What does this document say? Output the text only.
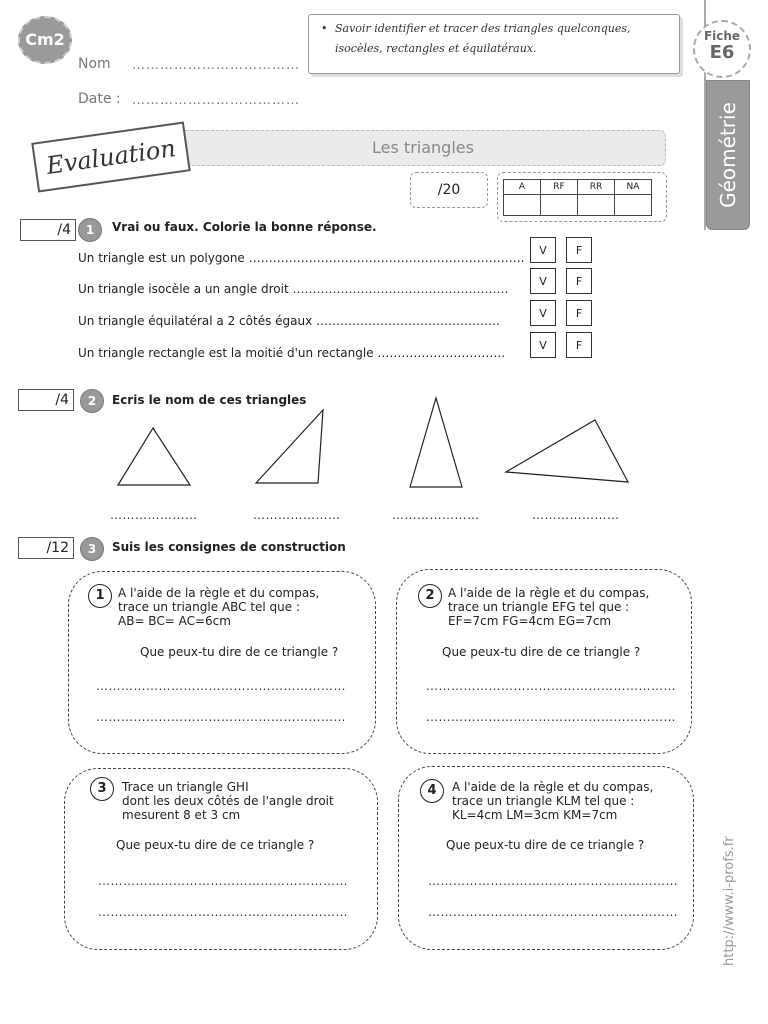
Cm2
Nom ………………………………
Date : ………………………………
• Savoir identifier et tracer des triangles quelconques, isocèles, rectangles et équilatéraux.
Fiche
E6
Géométrie
Les triangles
Evaluation
/20	A	RF	RR	NA

/4	1	Vrai ou faux. Colorie la bonne réponse.
Un triangle est un polygone ……………………………………………………………
V	F
Un triangle isocèle a un angle droit ………………………………………………
V	F
Un triangle équilatéral a 2 côtés égaux ……………………………………….
V	F
Un triangle rectangle est la moitié d'un rectangle …………………………..
V	F
/4	2	Ecris le nom de ces triangles
…………………	…………………	…………………	…………………
/12	3	Suis les consignes de construction
1	A l'aide de la règle et du compas,
trace un triangle ABC tel que :
AB= BC= AC=6cm
Que peux-tu dire de ce triangle ?
……………………………………………………
……………………………………………………
2	A l'aide de la règle et du compas,
trace un triangle EFG tel que :
EF=7cm FG=4cm EG=7cm
Que peux-tu dire de ce triangle ?
……………………………………………………
……………………………………………………
3	Trace un triangle GHI
dont les deux côtés de l'angle droit
mesurent 8 et 3 cm
Que peux-tu dire de ce triangle ?
……………………………………………………
……………………………………………………
4	A l'aide de la règle et du compas,
trace un triangle KLM tel que :
KL=4cm LM=3cm KM=7cm
Que peux-tu dire de ce triangle ?
……………………………………………………
……………………………………………………	http://www.i-profs.fr
